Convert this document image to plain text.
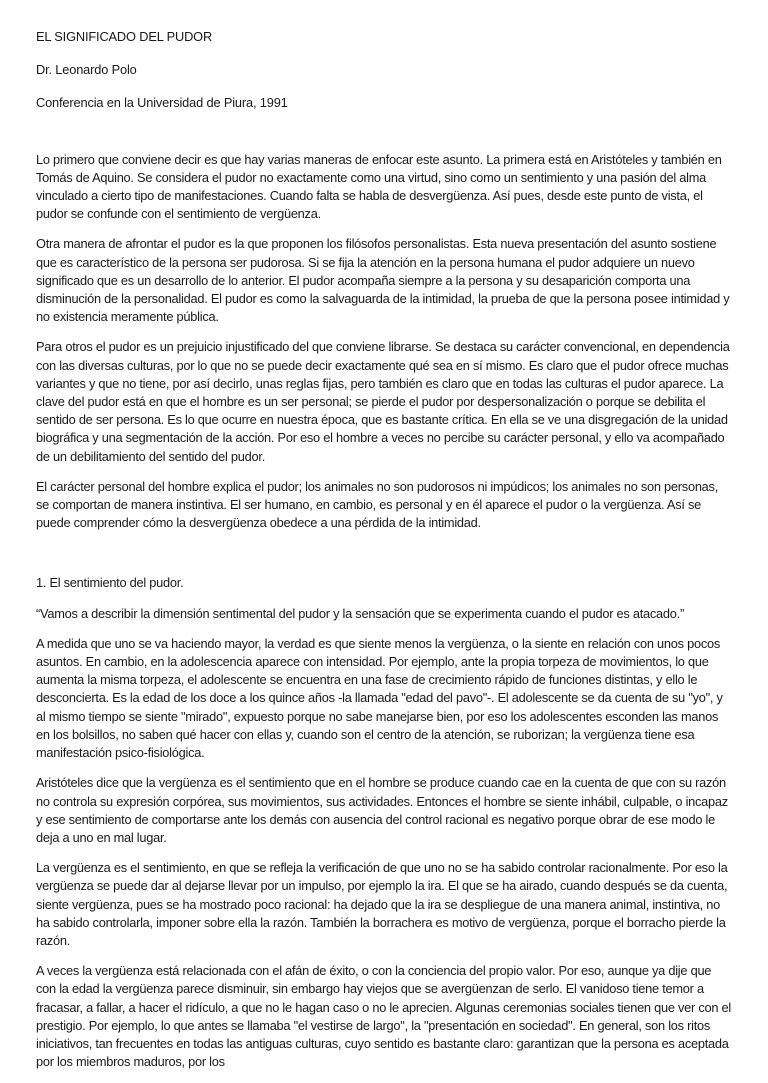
EL SIGNIFICADO DEL PUDOR
Dr. Leonardo Polo
Conferencia en la Universidad de Piura, 1991

Lo primero que conviene decir es que hay varias maneras de enfocar este asunto. La primera está en Aristóteles y también en Tomás de Aquino. Se considera el pudor no exactamente como una virtud, sino como un sentimiento y una pasión del alma vinculado a cierto tipo de manifestaciones. Cuando falta se habla de desvergüenza. Así pues, desde este punto de vista, el pudor se confunde con el sentimiento de vergüenza.

Otra manera de afrontar el pudor es la que proponen los filósofos personalistas. Esta nueva presentación del asunto sostiene que es característico de la persona ser pudorosa. Si se fija la atención en la persona humana el pudor adquiere un nuevo significado que es un desarrollo de lo anterior. El pudor acompaña siempre a la persona y su desaparición comporta una disminución de la personalidad. El pudor es como la salvaguarda de la intimidad, la prueba de que la persona posee intimidad y no existencia meramente pública.

Para otros el pudor es un prejuicio injustificado del que conviene librarse. Se destaca su carácter convencional, en dependencia con las diversas culturas, por lo que no se puede decir exactamente qué sea en sí mismo. Es claro que el pudor ofrece muchas variantes y que no tiene, por así decirlo, unas reglas fijas, pero también es claro que en todas las culturas el pudor aparece. La clave del pudor está en que el hombre es un ser personal; se pierde el pudor por despersonalización o porque se debilita el sentido de ser persona. Es lo que ocurre en nuestra época, que es bastante crítica. En ella se ve una disgregación de la unidad biográfica y una segmentación de la acción. Por eso el hombre a veces no percibe su carácter personal, y ello va acompañado de un debilitamiento del sentido del pudor.

El carácter personal del hombre explica el pudor; los animales no son pudorosos ni impúdicos; los animales no son personas, se comportan de manera instintiva. El ser humano, en cambio, es personal y en él aparece el pudor o la vergüenza. Así se puede comprender cómo la desvergüenza obedece a una pérdida de la intimidad.

1. El sentimiento del pudor.

“Vamos a describir la dimensión sentimental del pudor y la sensación que se experimenta cuando el pudor es atacado.”

A medida que uno se va haciendo mayor, la verdad es que siente menos la vergüenza, o la siente en relación con unos pocos asuntos. En cambio, en la adolescencia aparece con intensidad. Por ejemplo, ante la propia torpeza de movimientos, lo que aumenta la misma torpeza, el adolescente se encuentra en una fase de crecimiento rápido de funciones distintas, y ello le desconcierta. Es la edad de los doce a los quince años -la llamada "edad del pavo"-. El adolescente se da cuenta de su "yo", y al mismo tiempo se siente "mirado", expuesto porque no sabe manejarse bien, por eso los adolescentes esconden las manos en los bolsillos, no saben qué hacer con ellas y, cuando son el centro de la atención, se ruborizan; la vergüenza tiene esa manifestación psico-fisiológica.

Aristóteles dice que la vergüenza es el sentimiento que en el hombre se produce cuando cae en la cuenta de que con su razón no controla su expresión corpórea, sus movimientos, sus actividades. Entonces el hombre se siente inhábil, culpable, o incapaz y ese sentimiento de comportarse ante los demás con ausencia del control racional es negativo porque obrar de ese modo le deja a uno en mal lugar.

La vergüenza es el sentimiento, en que se refleja la verificación de que uno no se ha sabido controlar racionalmente. Por eso la vergüenza se puede dar al dejarse llevar por un impulso, por ejemplo la ira. El que se ha airado, cuando después se da cuenta, siente vergüenza, pues se ha mostrado poco racional: ha dejado que la ira se despliegue de una manera animal, instintiva, no ha sabido controlarla, imponer sobre ella la razón. También la borrachera es motivo de vergüenza, porque el borracho pierde la razón.

A veces la vergüenza está relacionada con el afán de éxito, o con la conciencia del propio valor. Por eso, aunque ya dije que con la edad la vergüenza parece disminuir, sin embargo hay viejos que se avergüenzan de serlo. El vanidoso tiene temor a fracasar, a fallar, a hacer el ridículo, a que no le hagan caso o no le aprecien. Algunas ceremonias sociales tienen que ver con el prestigio. Por ejemplo, lo que antes se llamaba "el vestirse de largo", la "presentación en sociedad". En general, son los ritos iniciativos, tan frecuentes en todas las antiguas culturas, cuyo sentido es bastante claro: garantizan que la persona es aceptada por los miembros maduros, por los
